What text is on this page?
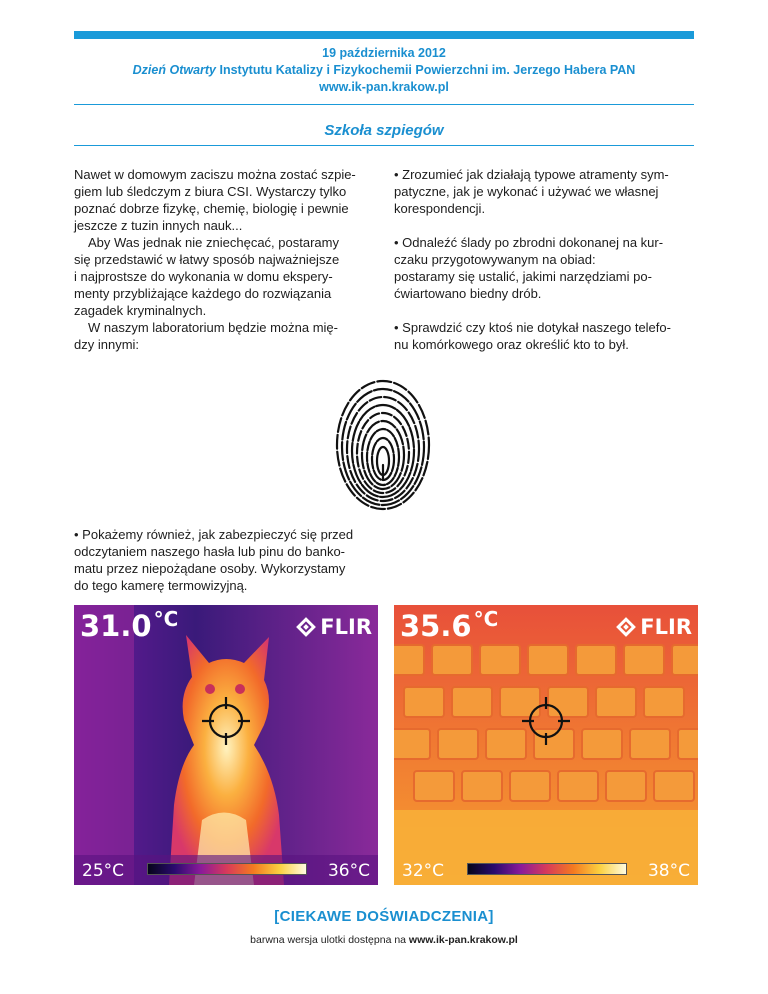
19 października 2012
Dzień Otwarty Instytutu Katalizy i Fizykochemii Powierzchni im. Jerzego Habera PAN
www.ik-pan.krakow.pl
Szkoła szpiegów

Nawet w domowym zaciszu można zostać szpie-

giem lub śledczym z biura CSI. Wystarczy tylko

poznać dobrze fizykę, chemię, biologię i pewnie

jeszcze z tuzin innych nauk...

Aby Was jednak nie zniechęcać, postaramy

się przedstawić w łatwy sposób najważniejsze

i najprostsze do wykonania w domu ekspery-

menty przybliżające każdego do rozwiązania

zagadek kryminalnych.

W naszym laboratorium będzie można mię-

dzy innymi:

• Zrozumieć jak działają typowe atramenty sym-

patyczne, jak je wykonać i używać we własnej

korespondencji.

• Odnaleźć ślady po zbrodni dokonanej na kur-

czaku przygotowywanym na obiad:

postaramy się ustalić, jakimi narzędziami po-

ćwiartowano biedny drób.

• Sprawdzić czy ktoś nie dotykał naszego telefo-

nu komórkowego oraz określić kto to był.

• Pokażemy również, jak zabezpieczyć się przed

odczytaniem naszego hasła lub pinu do banko-

matu przez niepożądane osoby. Wykorzystamy

do tego kamerę termowizyjną.

31.0 $^{^\circ C}$	FLIR
25°C	36°C
35.6 $^{^\circ C}$	FLIR
32°C	38°C
[CIEKAWE DOŚWIADCZENIA]
barwna wersja ulotki dostępna na www.ik-pan.krakow.pl
